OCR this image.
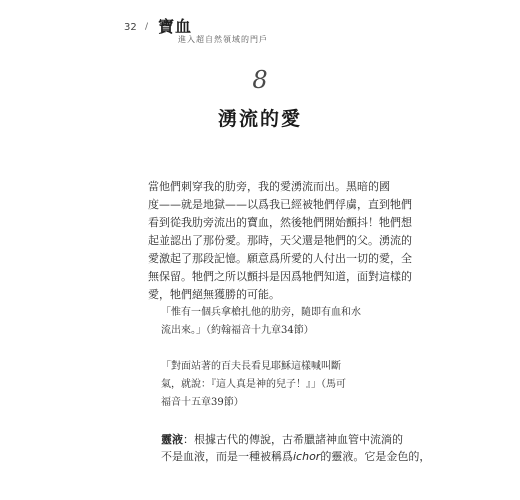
32 / 寶血
進入超自然領域的門戶
8
湧流的愛

當他們刺穿我的肋旁，我的愛湧流而出。黑暗的國
度——就是地獄——以爲我已經被牠們俘虜，直到牠們
看到從我肋旁流出的寶血，然後牠們開始顫抖！牠們想
起並認出了那份愛。那時，天父還是牠們的父。湧流的
愛激起了那段記憶。願意爲所愛的人付出一切的愛，全
無保留。牠們之所以顫抖是因爲牠們知道，面對這樣的
愛，牠們絕無獲勝的可能。

「惟有一個兵拿槍扎他的肋旁，隨即有血和水
流出來。」（約翰福音十九章34節）

「對面站著的百夫長看見耶穌這樣喊叫斷
氣，就說：『這人真是神的兒子！』」（馬可
福音十五章39節）

靈液：根據古代的傳說，古希臘諸神血管中流淌的
不是血液，而是一種被稱爲ichor的靈液。它是金色的，
